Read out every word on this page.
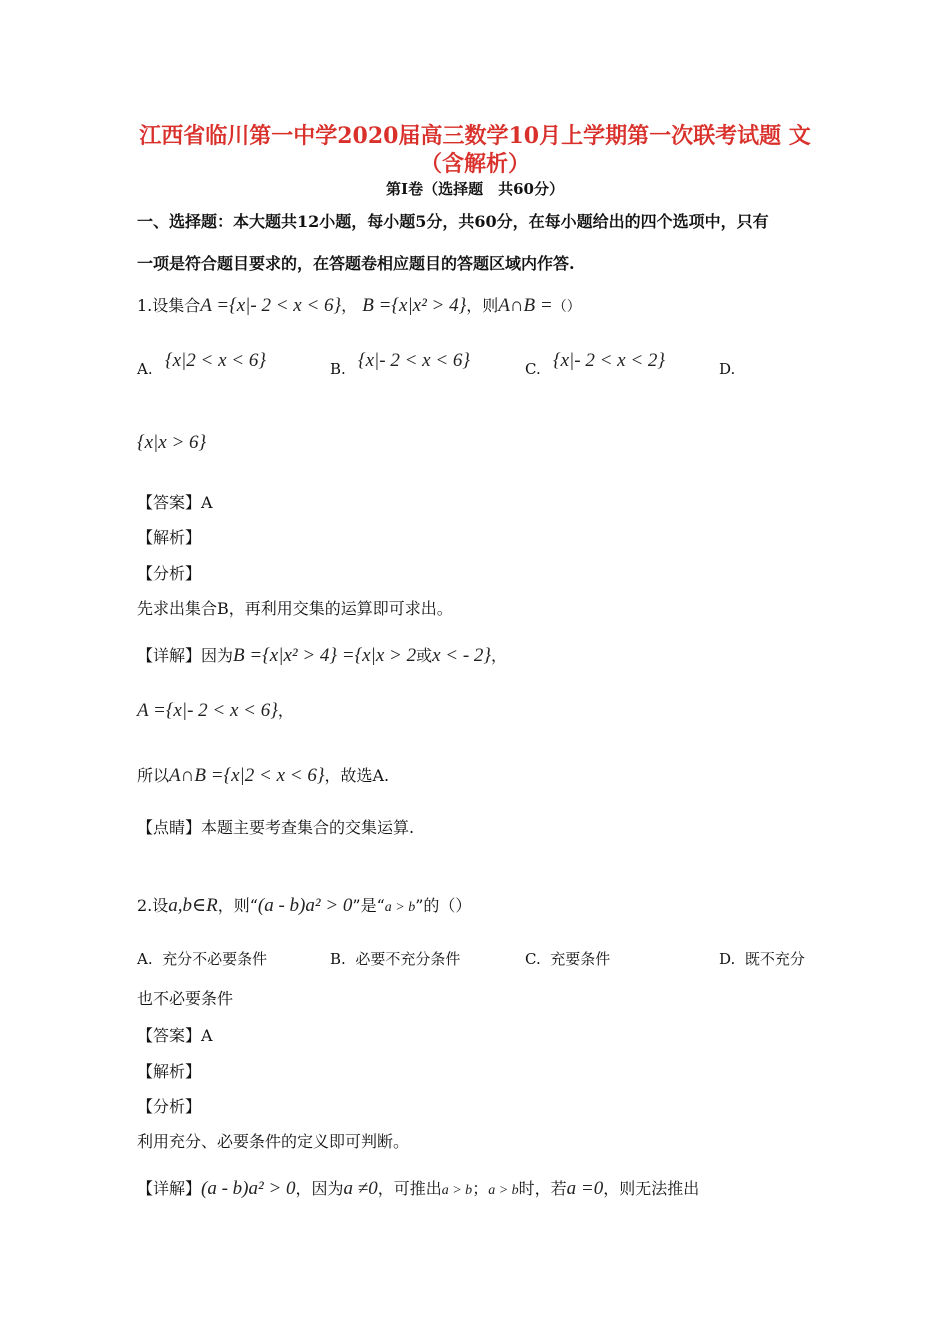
江西省临川第一中学2020届高三数学10月上学期第一次联考试题 文
（含解析）
第Ⅰ卷（选择题　共60分）
一、选择题：本大题共12小题，每小题5分，共60分，在每小题给出的四个选项中，只有
一项是符合题目要求的，在答题卷相应题目的答题区域内作答.
1.设集合A ={x|- 2 < x < 6}， B ={x|x² > 4}，则A∩B =（）
A. {x|2 < x < 6}	B. {x|- 2 < x < 6}	C. {x|- 2 < x < 2}	D.
{x|x > 6}
【答案】A
【解析】
【分析】
先求出集合B，再利用交集的运算即可求出。
【详解】因为B ={x|x² > 4} ={x|x > 2或x < - 2}，
A ={x|- 2 < x < 6}，
所以A∩B ={x|2 < x < 6}，故选A.
【点睛】本题主要考查集合的交集运算.
2.设a,b∈R，则“(a - b)a² > 0”是“a > b”的（）
A. 充分不必要条件	B. 必要不充分条件	C. 充要条件	D. 既不充分
也不必要条件
【答案】A
【解析】
【分析】
利用充分、必要条件的定义即可判断。
【详解】(a - b)a² > 0，因为a ≠0，可推出a > b；a > b时，若a =0，则无法推出
